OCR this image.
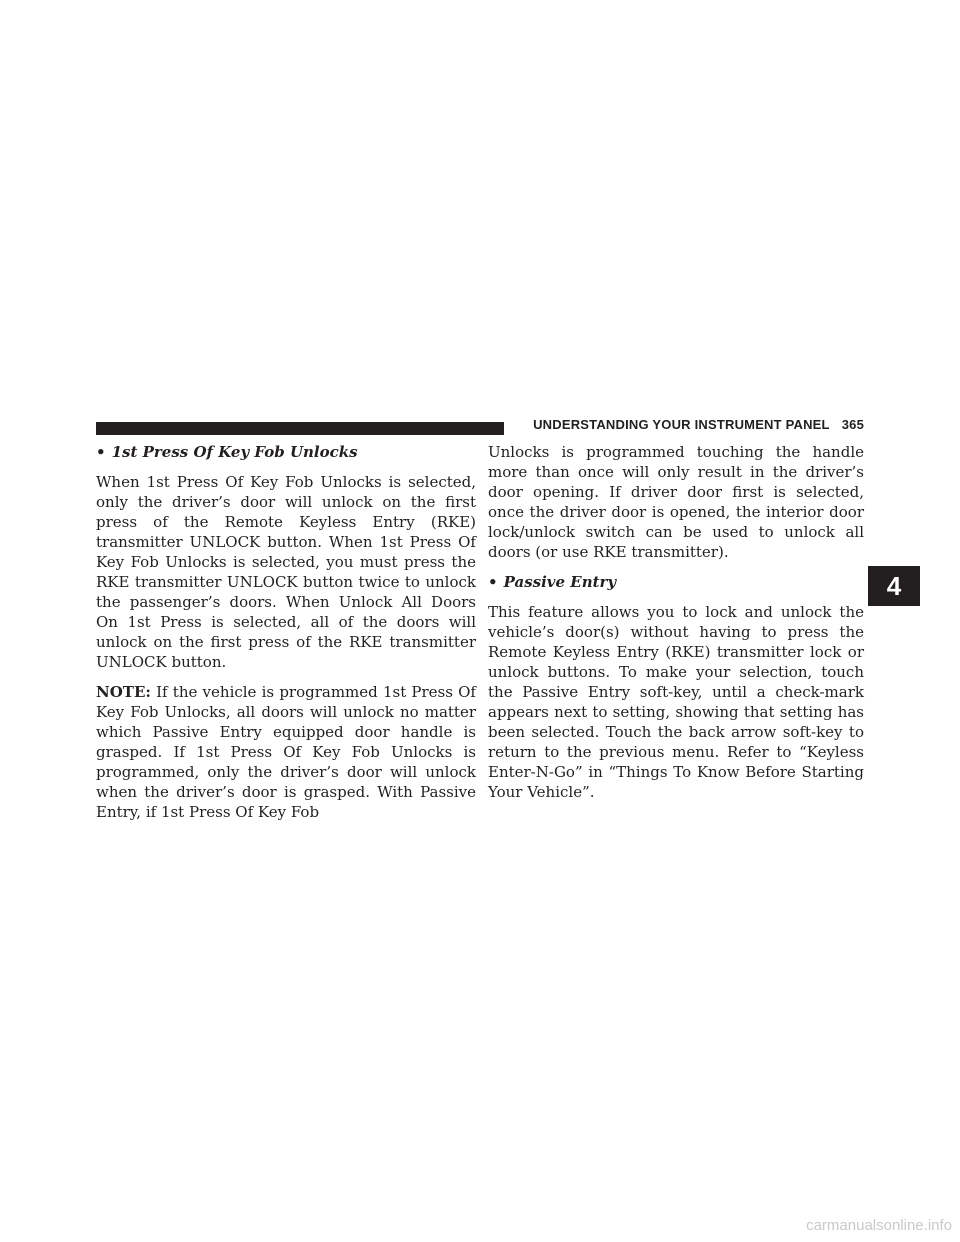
UNDERSTANDING YOUR INSTRUMENT PANEL 365

• 1st Press Of Key Fob Unlocks

When 1st Press Of Key Fob Unlocks is selected, only the driver’s door will unlock on the first press of the Remote Keyless Entry (RKE) transmitter UNLOCK button. When 1st Press Of Key Fob Unlocks is selected, you must press the RKE transmitter UNLOCK button twice to unlock the passenger’s doors. When Unlock All Doors On 1st Press is selected, all of the doors will unlock on the first press of the RKE transmitter UNLOCK button.

NOTE: If the vehicle is programmed 1st Press Of Key Fob Unlocks, all doors will unlock no matter which Passive Entry equipped door handle is grasped. If 1st Press Of Key Fob Unlocks is programmed, only the driver’s door will unlock when the driver’s door is grasped. With Passive Entry, if 1st Press Of Key Fob

Unlocks is programmed touching the handle more than once will only result in the driver’s door opening. If driver door first is selected, once the driver door is opened, the interior door lock/unlock switch can be used to unlock all doors (or use RKE transmitter).

• Passive Entry

This feature allows you to lock and unlock the vehicle’s door(s) without having to press the Remote Keyless Entry (RKE) transmitter lock or unlock buttons. To make your selection, touch the Passive Entry soft-key, until a check-mark appears next to setting, showing that setting has been selected. Touch the back arrow soft-key to return to the previous menu. Refer to “Keyless Enter-N-Go” in “Things To Know Before Starting Your Vehicle”.

4
carmanualsonline.info
